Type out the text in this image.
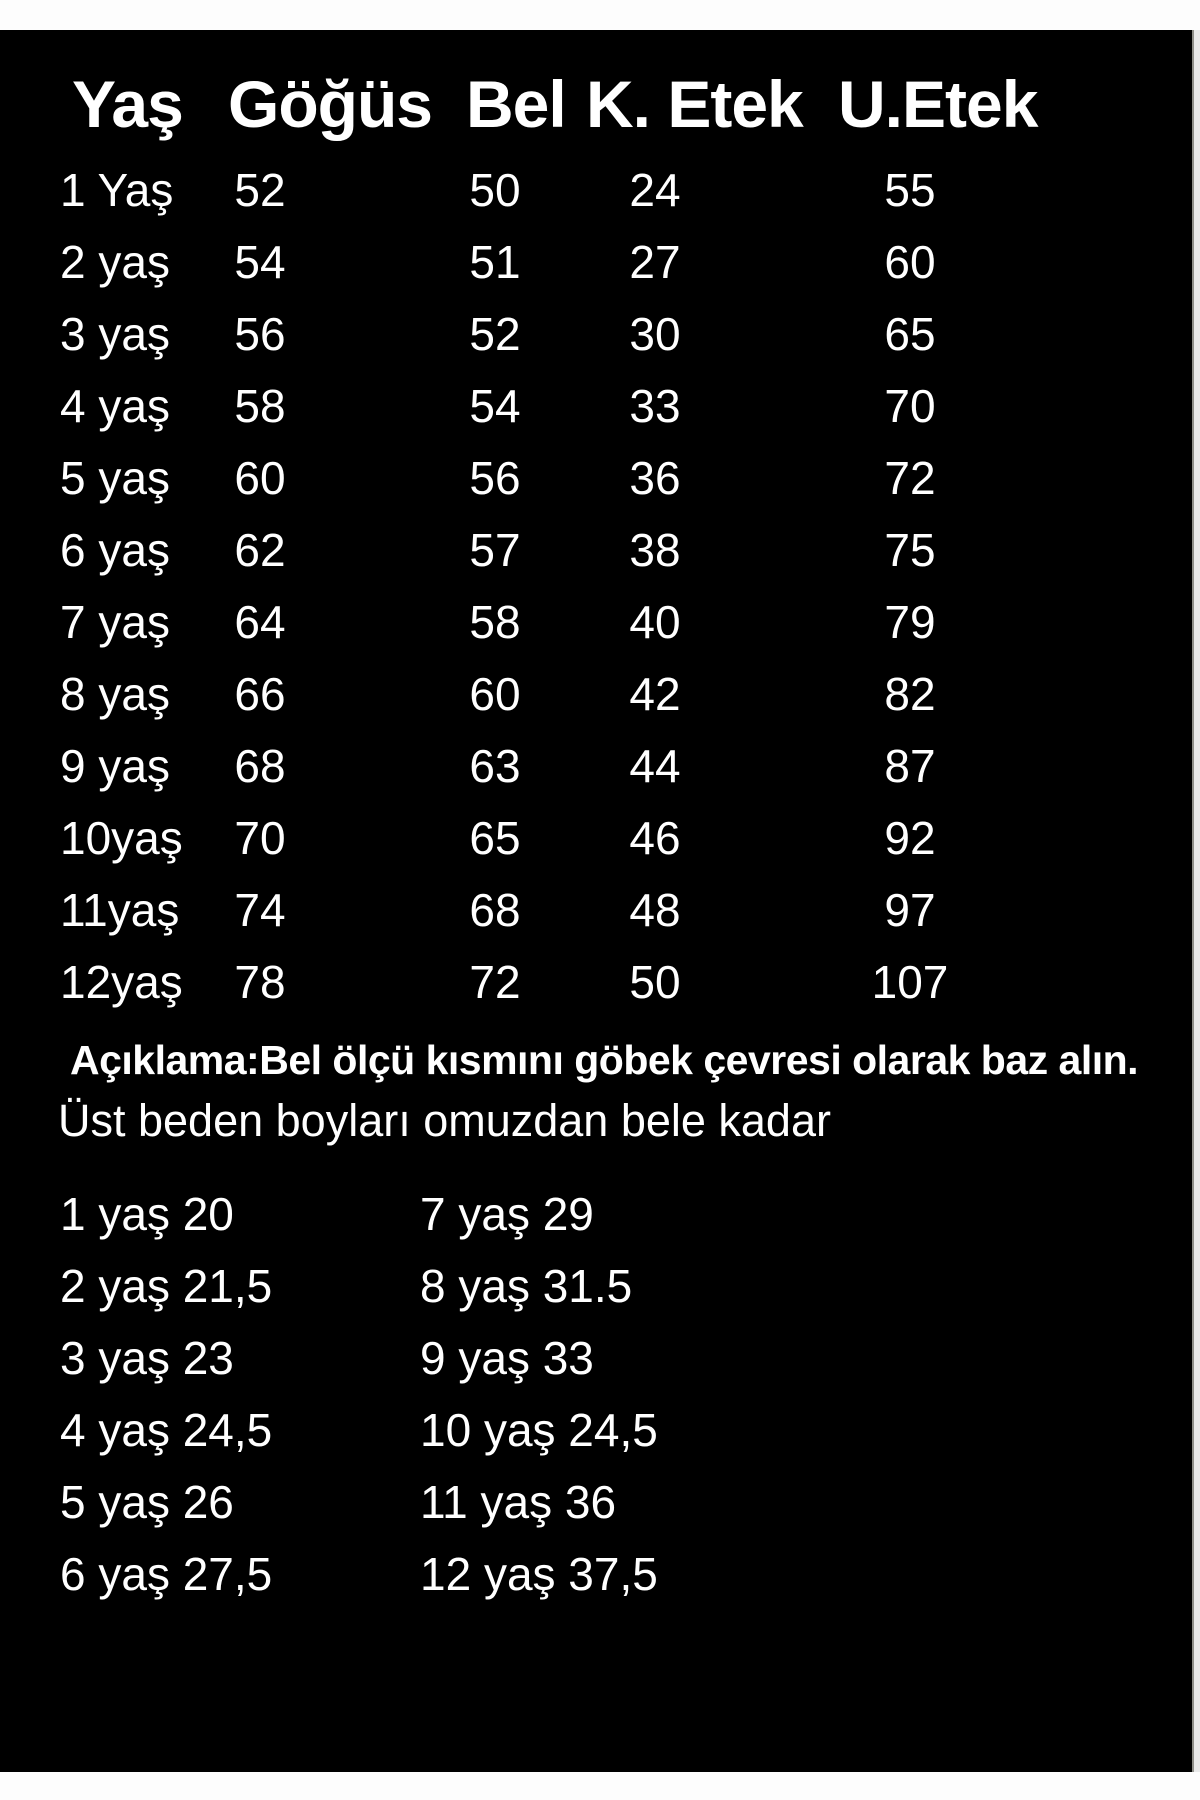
Yaş Göğüs Bel K. Etek U.Etek
1 Yaş	52	50	24	55
2 yaş	54	51	27	60
3 yaş	56	52	30	65
4 yaş	58	54	33	70
5 yaş	60	56	36	72
6 yaş	62	57	38	75
7 yaş	64	58	40	79
8 yaş	66	60	42	82
9 yaş	68	63	44	87
10yaş	70	65	46	92
11yaş	74	68	48	97
12yaş	78	72	50	107
Açıklama:Bel ölçü kısmını göbek çevresi olarak baz alın.
Üst beden boyları omuzdan bele kadar
1 yaş 20	7 yaş 29
2 yaş 21,5	8 yaş 31.5
3 yaş 23	9 yaş 33
4 yaş 24,5	10 yaş 24,5
5 yaş 26	11 yaş 36
6 yaş 27,5	12 yaş 37,5
